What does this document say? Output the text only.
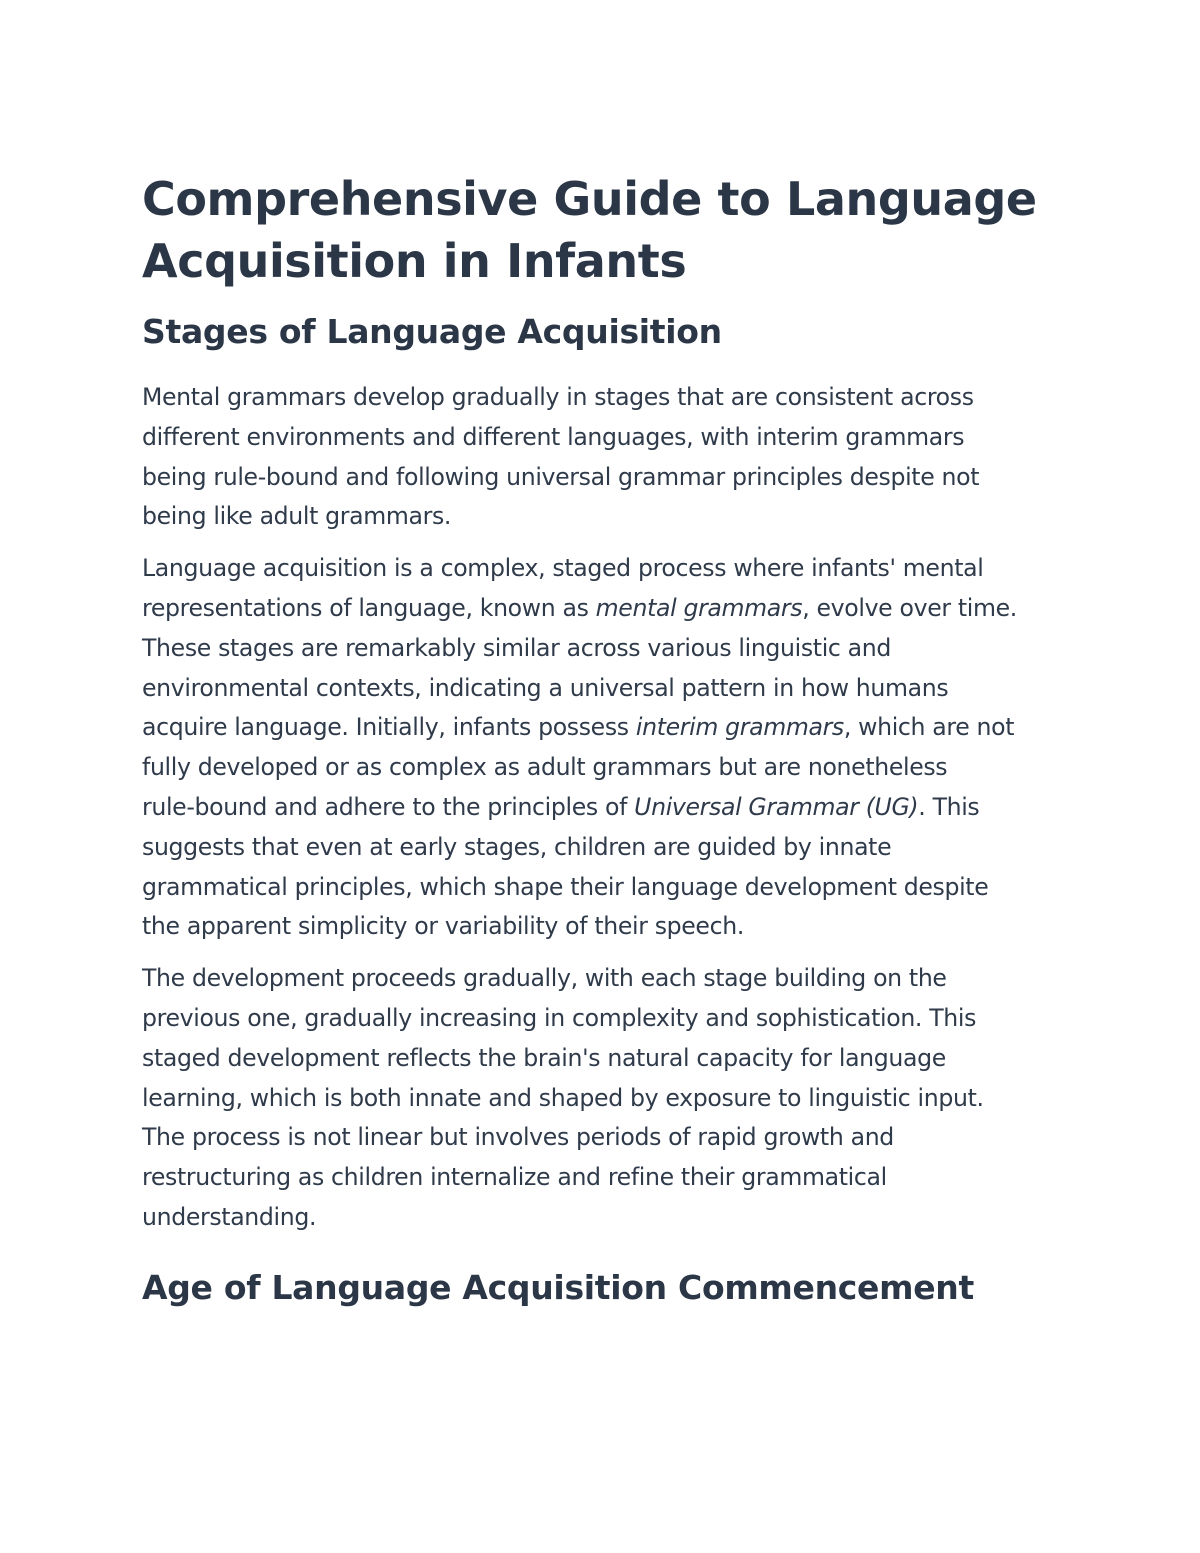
Comprehensive Guide to Language
Acquisition in Infants
Stages of Language Acquisition

Mental grammars develop gradually in stages that are consistent across
different environments and different languages, with interim grammars
being rule-bound and following universal grammar principles despite not
being like adult grammars.

Language acquisition is a complex, staged process where infants' mental
representations of language, known as mental grammars, evolve over time.
These stages are remarkably similar across various linguistic and
environmental contexts, indicating a universal pattern in how humans
acquire language. Initially, infants possess interim grammars, which are not
fully developed or as complex as adult grammars but are nonetheless
rule-bound and adhere to the principles of Universal Grammar (UG). This
suggests that even at early stages, children are guided by innate
grammatical principles, which shape their language development despite
the apparent simplicity or variability of their speech.

The development proceeds gradually, with each stage building on the
previous one, gradually increasing in complexity and sophistication. This
staged development reflects the brain's natural capacity for language
learning, which is both innate and shaped by exposure to linguistic input.
The process is not linear but involves periods of rapid growth and
restructuring as children internalize and refine their grammatical
understanding.

Age of Language Acquisition Commencement
